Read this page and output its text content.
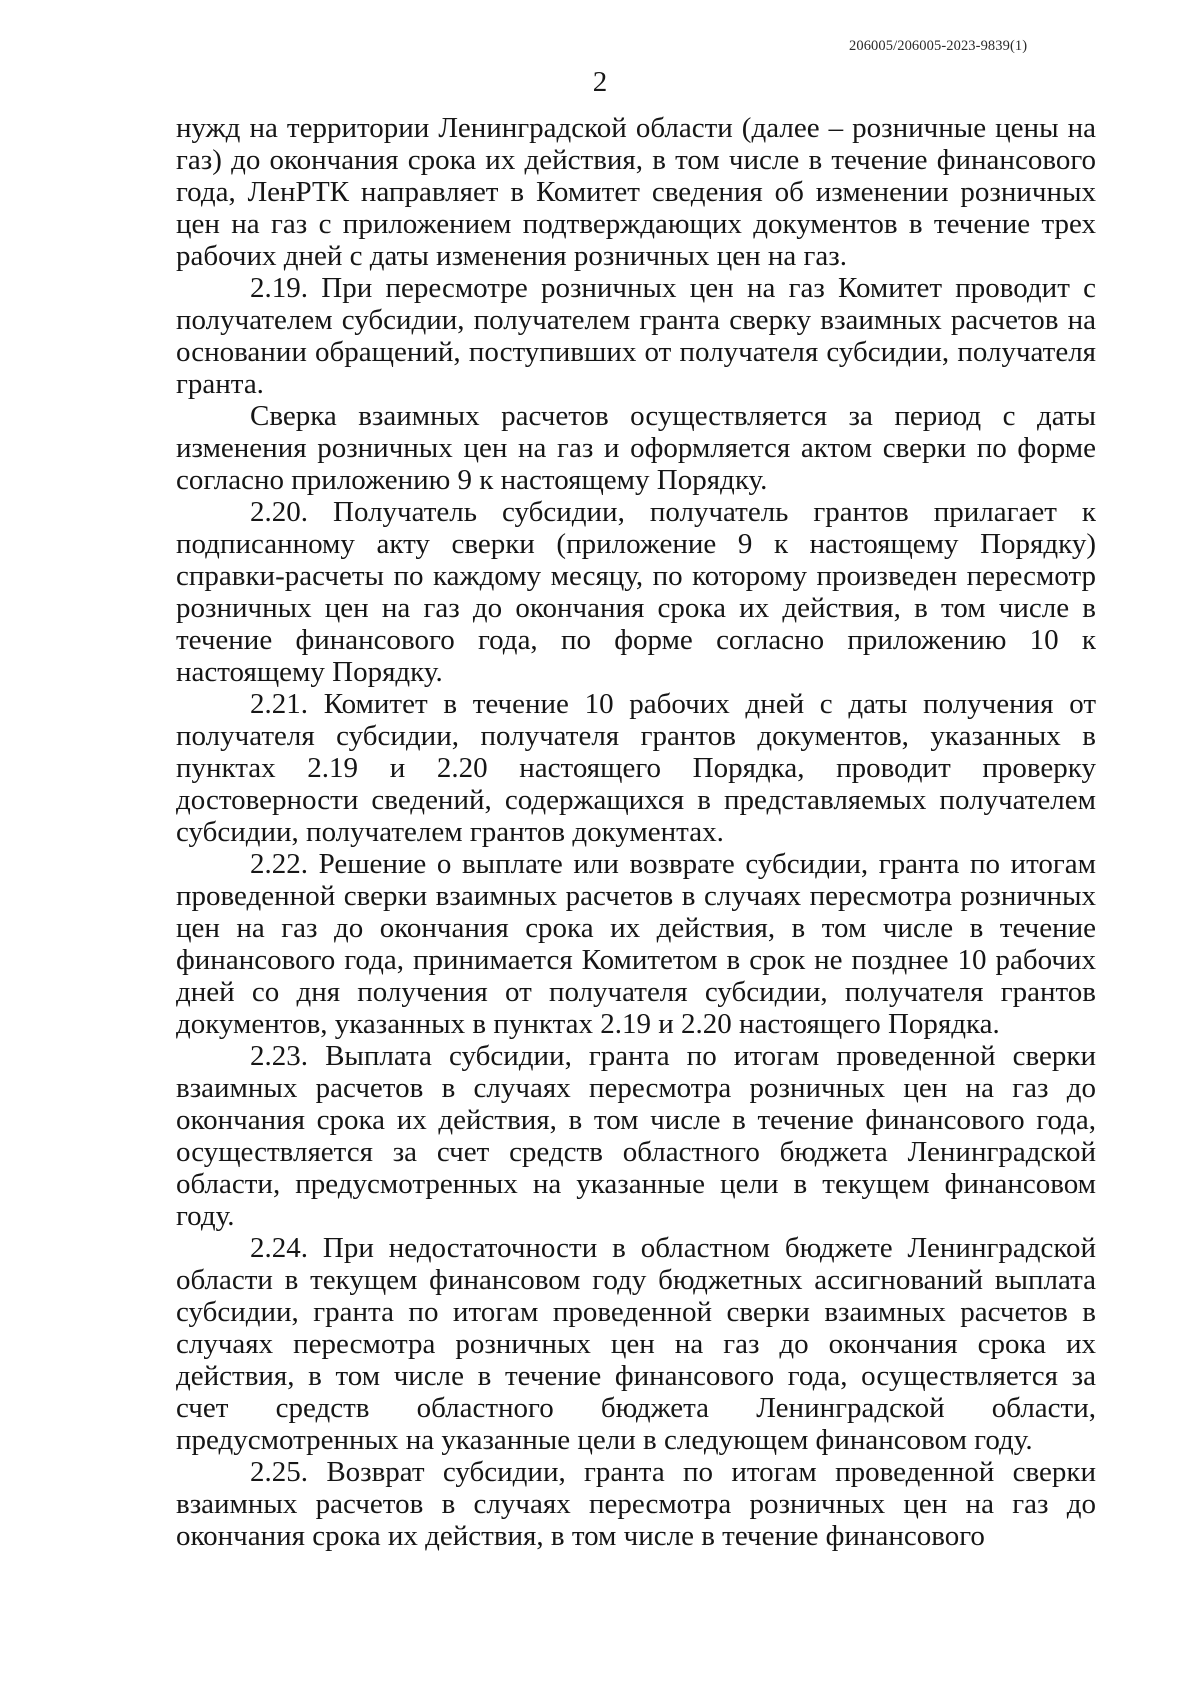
206005/206005-2023-9839(1)
2

нужд на территории Ленинградской области (далее – розничные цены на газ) до окончания срока их действия, в том числе в течение финансового года, ЛенРТК направляет в Комитет сведения об изменении розничных цен на газ с приложением подтверждающих документов в течение трех рабочих дней с даты изменения розничных цен на газ.

2.19. При пересмотре розничных цен на газ Комитет проводит с получателем субсидии, получателем гранта сверку взаимных расчетов на основании обращений, поступивших от получателя субсидии, получателя гранта.

Сверка взаимных расчетов осуществляется за период с даты изменения розничных цен на газ и оформляется актом сверки по форме согласно приложению 9 к настоящему Порядку.

2.20. Получатель субсидии, получатель грантов прилагает к подписанному акту сверки (приложение 9 к настоящему Порядку) справки-расчеты по каждому месяцу, по которому произведен пересмотр розничных цен на газ до окончания срока их действия, в том числе в течение финансового года, по форме согласно приложению 10 к настоящему Порядку.

2.21. Комитет в течение 10 рабочих дней с даты получения от получателя субсидии, получателя грантов документов, указанных в пунктах 2.19 и 2.20 настоящего Порядка, проводит проверку достоверности сведений, содержащихся в представляемых получателем субсидии, получателем грантов документах.

2.22. Решение о выплате или возврате субсидии, гранта по итогам проведенной сверки взаимных расчетов в случаях пересмотра розничных цен на газ до окончания срока их действия, в том числе в течение финансового года, принимается Комитетом в срок не позднее 10 рабочих дней со дня получения от получателя субсидии, получателя грантов документов, указанных в пунктах 2.19 и 2.20 настоящего Порядка.

2.23. Выплата субсидии, гранта по итогам проведенной сверки взаимных расчетов в случаях пересмотра розничных цен на газ до окончания срока их действия, в том числе в течение финансового года, осуществляется за счет средств областного бюджета Ленинградской области, предусмотренных на указанные цели в текущем финансовом году.

2.24. При недостаточности в областном бюджете Ленинградской области в текущем финансовом году бюджетных ассигнований выплата субсидии, гранта по итогам проведенной сверки взаимных расчетов в случаях пересмотра розничных цен на газ до окончания срока их действия, в том числе в течение финансового года, осуществляется за счет средств областного бюджета Ленинградской области, предусмотренных на указанные цели в следующем финансовом году.

2.25. Возврат субсидии, гранта по итогам проведенной сверки взаимных расчетов в случаях пересмотра розничных цен на газ до окончания срока их действия, в том числе в течение финансового
